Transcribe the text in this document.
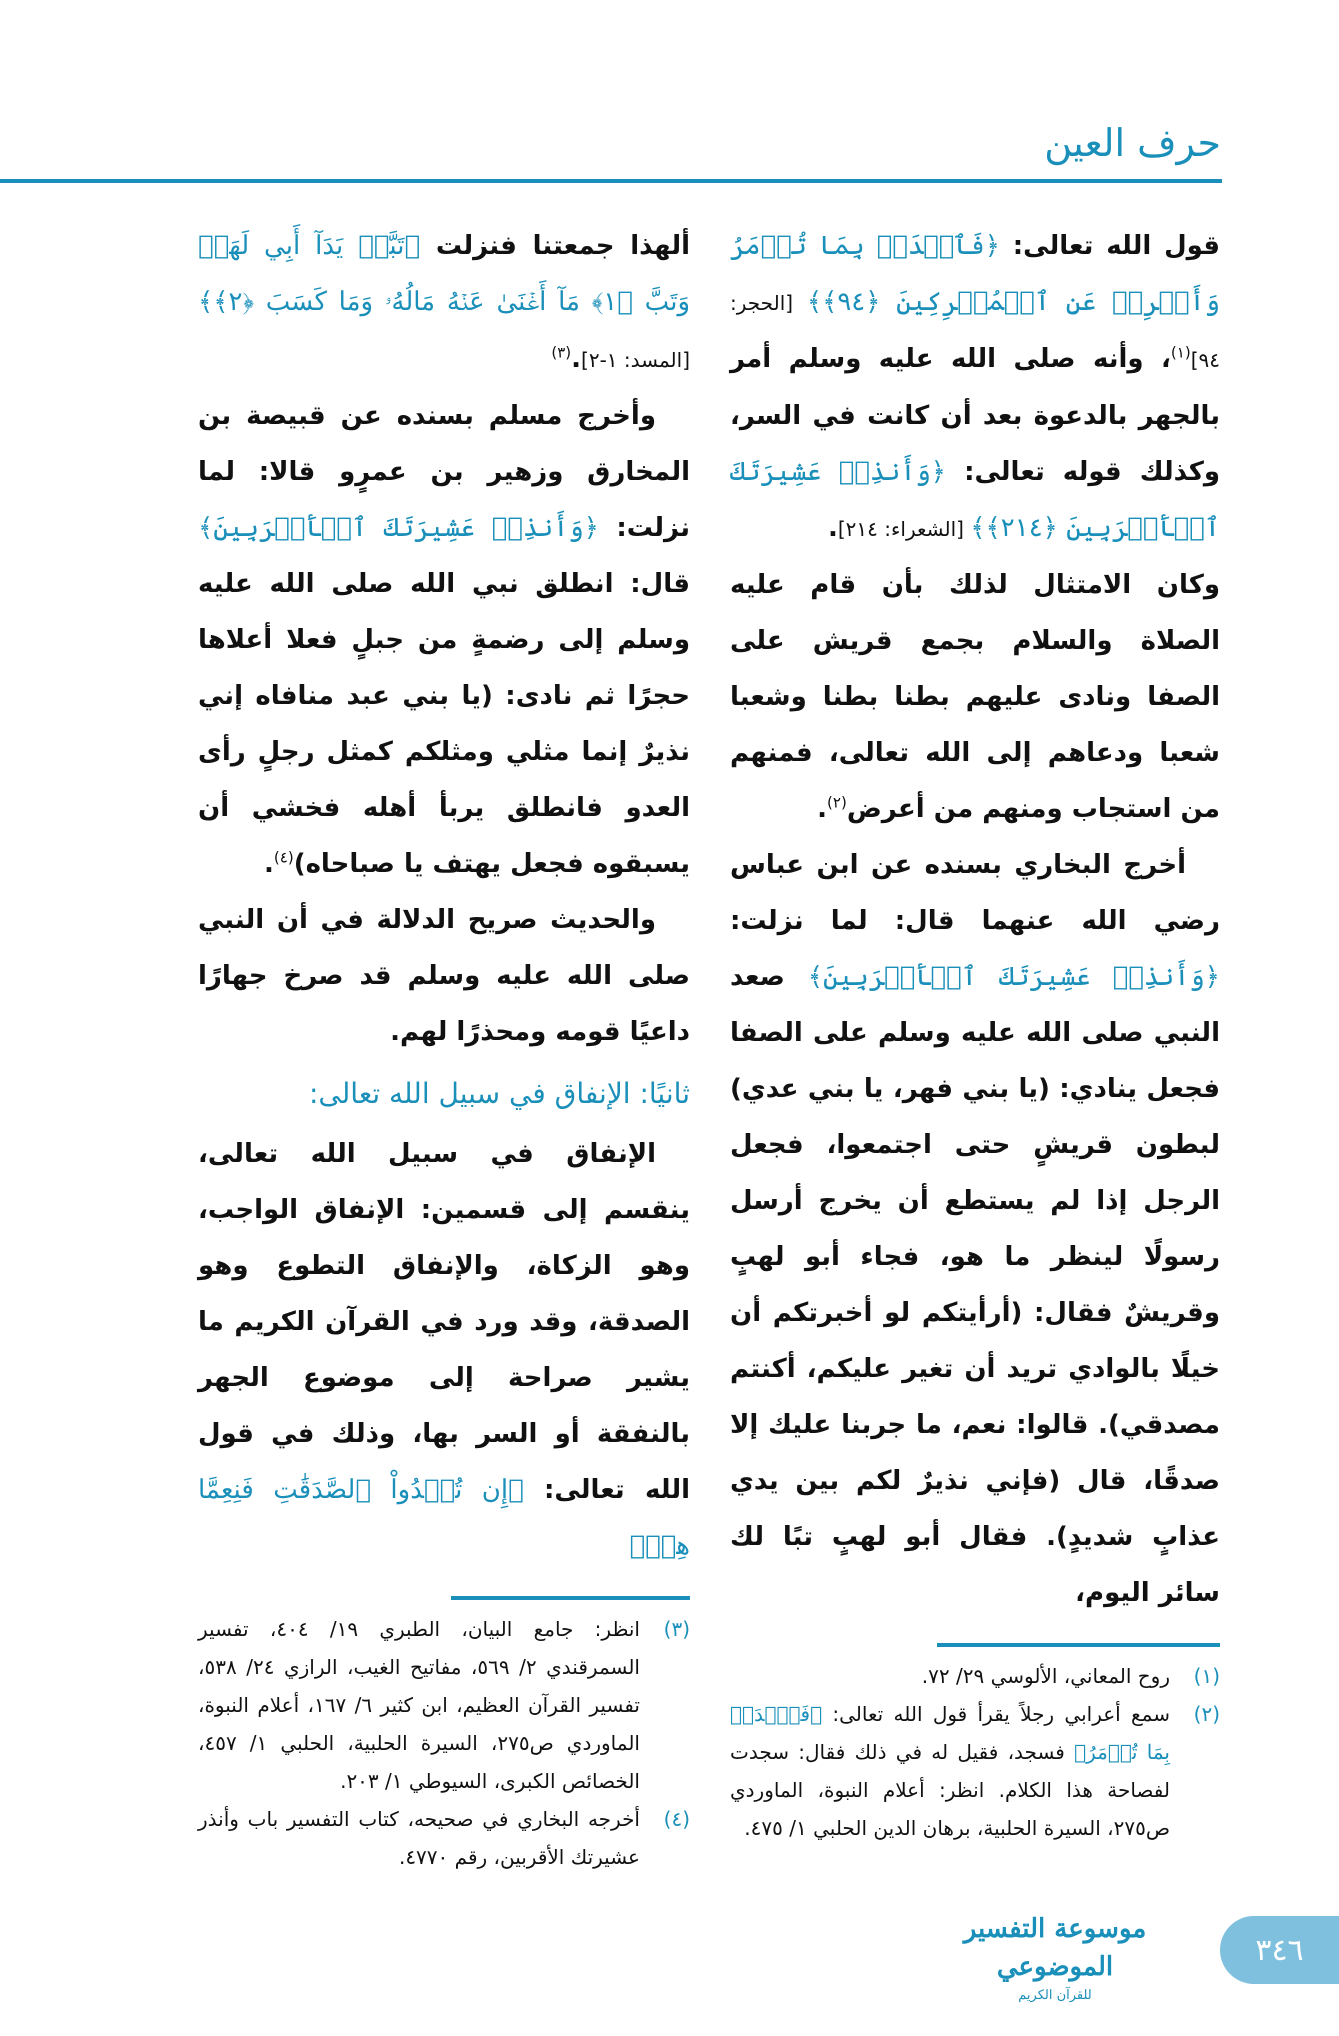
حرف العين

قول الله تعالى: ﴿فَٱصۡدَعۡ بِمَا تُؤۡمَرُ وَأَعۡرِضۡ عَنِ ٱلۡمُشۡرِكِينَ ﴿٩٤﴾﴾ [الحجر: ٩٤]$^{(١)}$، وأنه صلى الله عليه وسلم أمر بالجهر بالدعوة بعد أن كانت في السر، وكذلك قوله تعالى: ﴿وَأَنذِرۡ عَشِيرَتَكَ ٱلۡأَقۡرَبِينَ ﴿٢١٤﴾﴾ [الشعراء: ٢١٤].

وكان الامتثال لذلك بأن قام عليه الصلاة والسلام بجمع قريش على الصفا ونادى عليهم بطنا بطنا وشعبا شعبا ودعاهم إلى الله تعالى، فمنهم من استجاب ومنهم من أعرض$^{(٢)}$.

أخرج البخاري بسنده عن ابن عباس رضي الله عنهما قال: لما نزلت: ﴿وَأَنذِرۡ عَشِيرَتَكَ ٱلۡأَقۡرَبِينَ﴾ صعد النبي صلى الله عليه وسلم على الصفا فجعل ينادي: (يا بني فهر، يا بني عدي) لبطون قريشٍ حتى اجتمعوا، فجعل الرجل إذا لم يستطع أن يخرج أرسل رسولًا لينظر ما هو، فجاء أبو لهبٍ وقريشٌ فقال: (أرأيتكم لو أخبرتكم أن خيلًا بالوادي تريد أن تغير عليكم، أكنتم مصدقي). قالوا: نعم، ما جربنا عليك إلا صدقًا، قال (فإني نذيرٌ لكم بين يدي عذابٍ شديدٍ). فقال أبو لهبٍ تبًا لك سائر اليوم،

(١)
روح المعاني، الألوسي ٢٩/ ٧٢.
(٢)
سمع أعرابي رجلاً يقرأ قول الله تعالى: ﴿فَٱصۡدَعۡ بِمَا تُؤۡمَرُ﴾ فسجد، فقيل له في ذلك فقال: سجدت لفصاحة هذا الكلام. انظر: أعلام النبوة، الماوردي ص٢٧٥، السيرة الحلبية، برهان الدين الحلبي ١/ ٤٧٥.

ألهذا جمعتنا فنزلت ﴿تَبَّتۡ يَدَآ أَبِي لَهَبٖ وَتَبَّ ﴿١﴾ مَآ أَغۡنَىٰ عَنۡهُ مَالُهُۥ وَمَا كَسَبَ ﴿٢﴾﴾ [المسد: ١-٢].$^{(٣)}$

وأخرج مسلم بسنده عن قبيصة بن المخارق وزهير بن عمرٍو قالا: لما نزلت: ﴿وَأَنذِرۡ عَشِيرَتَكَ ٱلۡأَقۡرَبِينَ﴾ قال: انطلق نبي الله صلى الله عليه وسلم إلى رضمةٍ من جبلٍ فعلا أعلاها حجرًا ثم نادى: (يا بني عبد منافاه إني نذيرٌ إنما مثلي ومثلكم كمثل رجلٍ رأى العدو فانطلق يربأ أهله فخشي أن يسبقوه فجعل يهتف يا صباحاه)$^{(٤)}$.

والحديث صريح الدلالة في أن النبي صلى الله عليه وسلم قد صرخ جهارًا داعيًا قومه ومحذرًا لهم.

ثانيًا: الإنفاق في سبيل الله تعالى:

الإنفاق في سبيل الله تعالى، ينقسم إلى قسمين: الإنفاق الواجب، وهو الزكاة، والإنفاق التطوع وهو الصدقة، وقد ورد في القرآن الكريم ما يشير صراحة إلى موضوع الجهر بالنفقة أو السر بها، وذلك في قول الله تعالى: ﴿إِن تُبۡدُواْ ٱلصَّدَقَٰتِ فَنِعِمَّا هِيَۖ

(٣)
انظر: جامع البيان، الطبري ١٩/ ٤٠٤، تفسير السمرقندي ٢/ ٥٦٩، مفاتيح الغيب، الرازي ٢٤/ ٥٣٨، تفسير القرآن العظيم، ابن كثير ٦/ ١٦٧، أعلام النبوة، الماوردي ص٢٧٥، السيرة الحلبية، الحلبي ١/ ٤٥٧، الخصائص الكبرى، السيوطي ١/ ٢٠٣.
(٤)
أخرجه البخاري في صحيحه، كتاب التفسير باب وأنذر عشيرتك الأقربين، رقم ٤٧٧٠.
موسوعة التفسير الموضوعي
للقرآن الكريم
٣٤٦
